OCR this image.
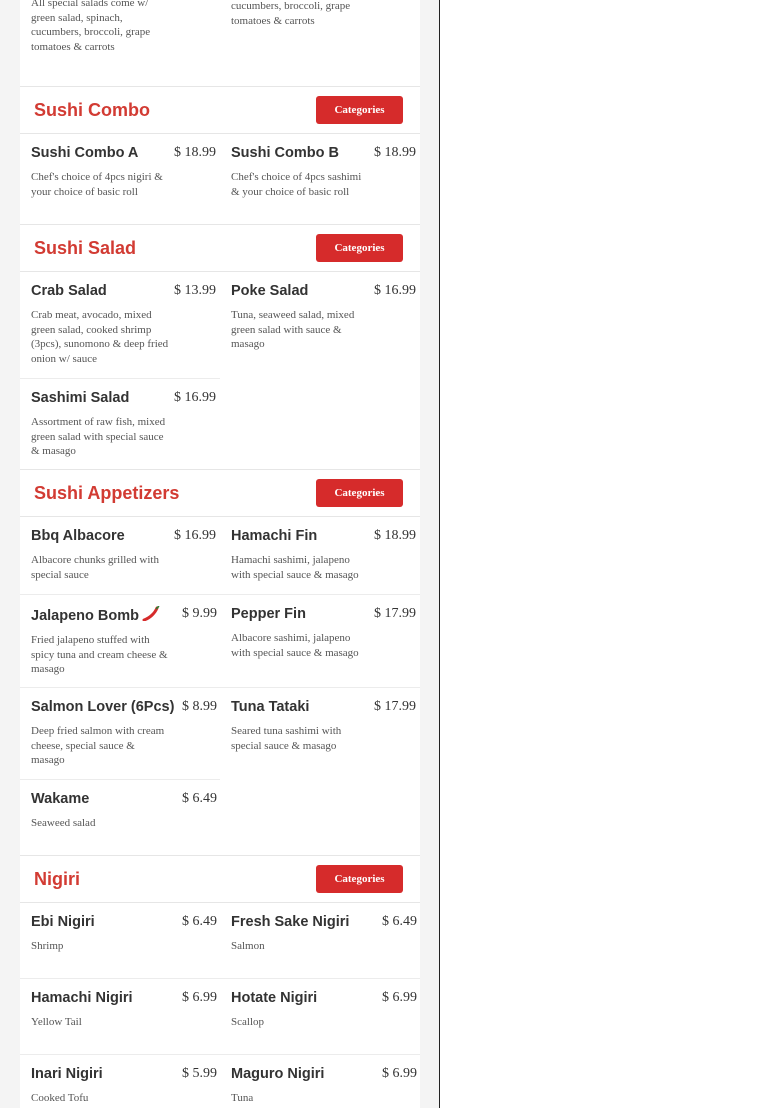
All special salads come w/ green salad, spinach, cucumbers, broccoli, grape tomatoes & carrots
cucumbers, broccoli, grape tomatoes & carrots
Sushi Combo	Categories
Sushi Combo A	$ 18.99
Chef's choice of 4pcs nigiri & your choice of basic roll
Sushi Combo B	$ 18.99
Chef's choice of 4pcs sashimi & your choice of basic roll
Sushi Salad	Categories
Crab Salad	$ 13.99
Crab meat, avocado, mixed green salad, cooked shrimp (3pcs), sunomono & deep fried onion w/ sauce
Poke Salad	$ 16.99
Tuna, seaweed salad, mixed green salad with sauce & masago
Sashimi Salad	$ 16.99
Assortment of raw fish, mixed green salad with special sauce & masago
Sushi Appetizers	Categories
Bbq Albacore	$ 16.99
Albacore chunks grilled with special sauce
Hamachi Fin	$ 18.99
Hamachi sashimi, jalapeno with special sauce & masago
Jalapeno Bomb	$ 9.99
Fried jalapeno stuffed with spicy tuna and cream cheese & masago
Pepper Fin	$ 17.99
Albacore sashimi, jalapeno with special sauce & masago
Salmon Lover (6Pcs) $ 8.99
Deep fried salmon with cream cheese, special sauce & masago
Tuna Tataki	$ 17.99
Seared tuna sashimi with special sauce & masago
Wakame	$ 6.49
Seaweed salad
Nigiri	Categories
Ebi Nigiri	$ 6.49
Shrimp
Fresh Sake Nigiri $ 6.49
Salmon
Hamachi Nigiri	$ 6.99
Yellow Tail
Hotate Nigiri	$ 6.99
Scallop
Inari Nigiri	$ 5.99
Cooked Tofu
Maguro Nigiri	$ 6.99
Tuna
